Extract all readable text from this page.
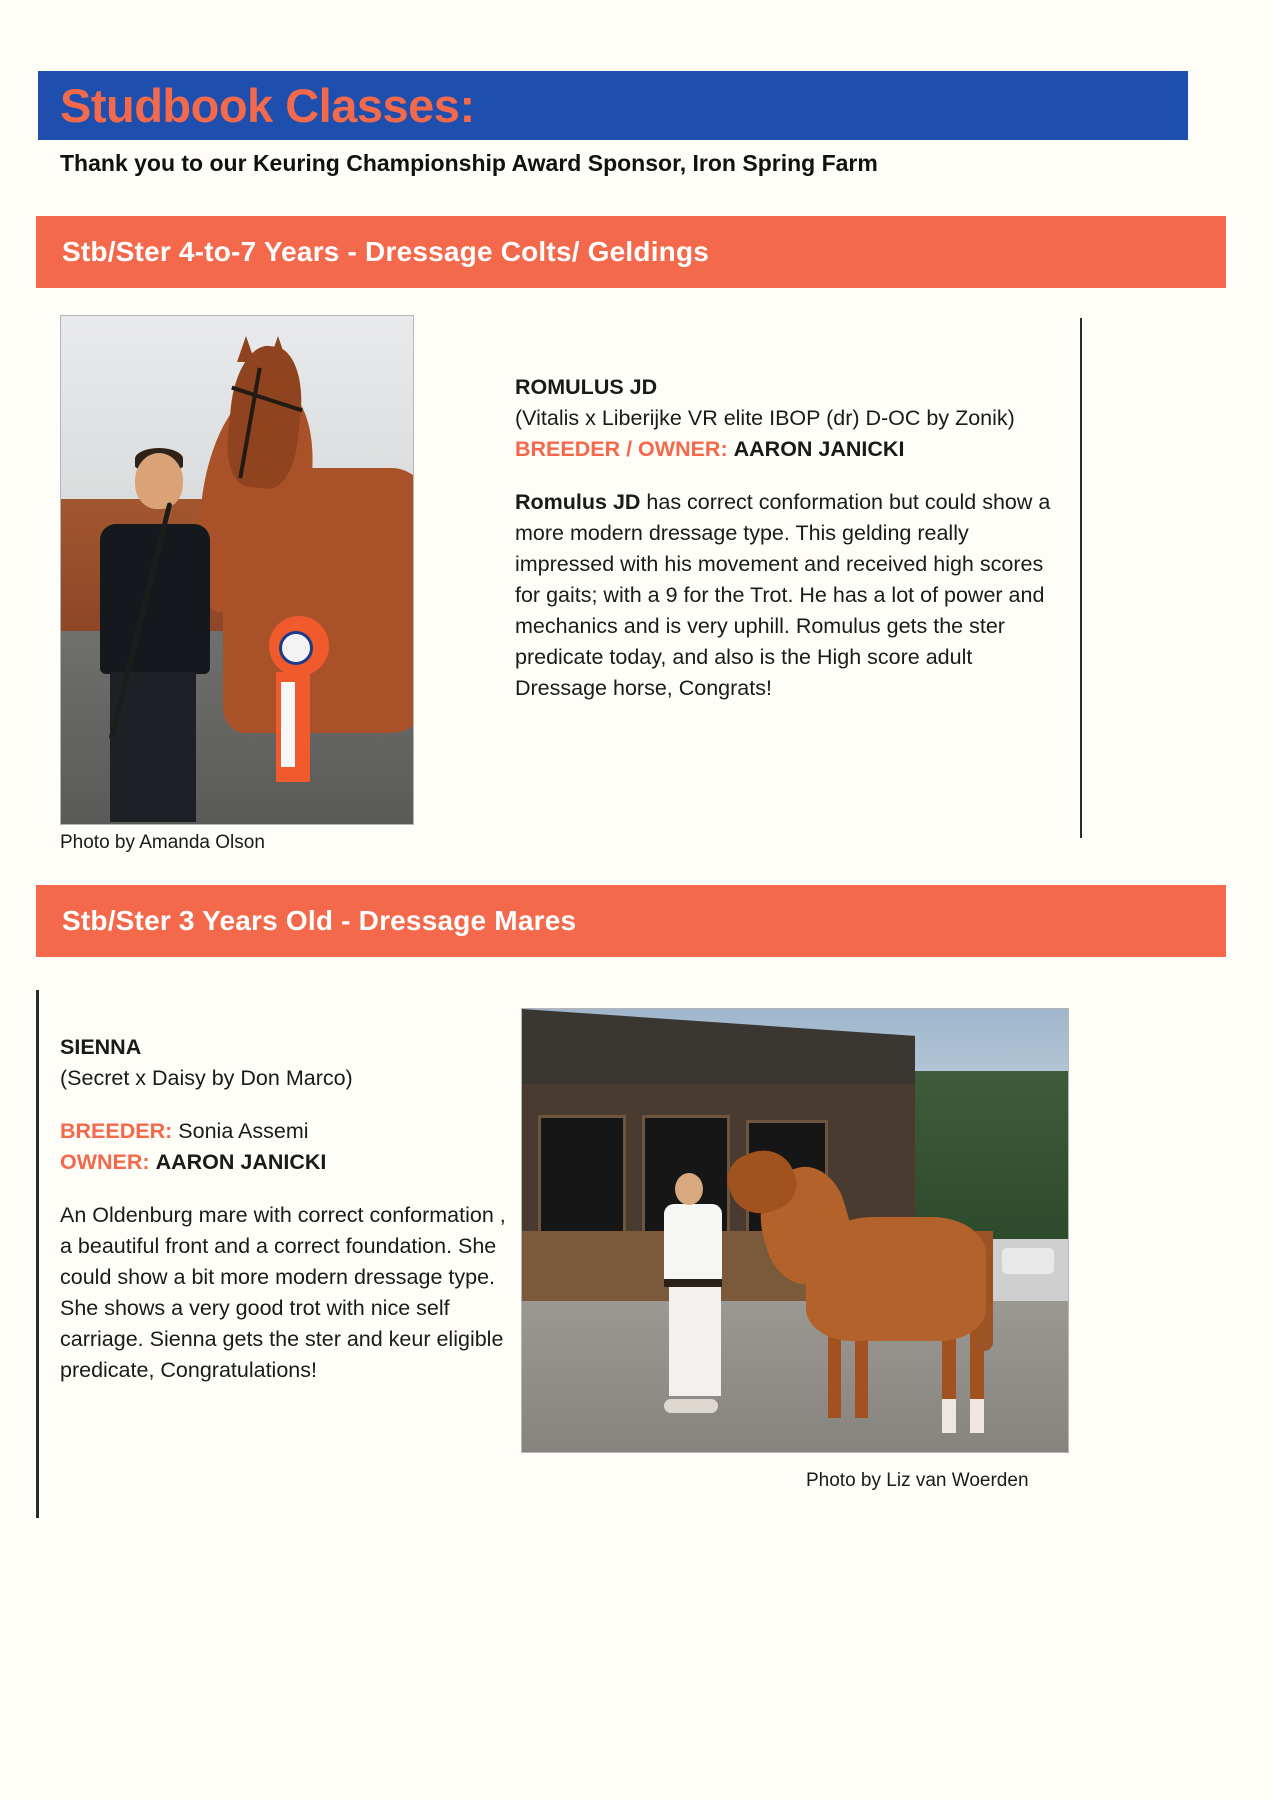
Studbook Classes:
Thank you to our Keuring Championship Award Sponsor, Iron Spring Farm
Stb/Ster 4-to-7 Years - Dressage Colts/ Geldings
Photo by Amanda Olson
ROMULUS JD
(Vitalis x Liberijke VR elite IBOP (dr) D-OC by Zonik)
BREEDER / OWNER: AARON JANICKI
Romulus JD has correct conformation but could show a more modern dressage type. This gelding really impressed with his movement and received high scores for gaits; with a 9 for the Trot. He has a lot of power and mechanics and is very uphill. Romulus gets the ster predicate today, and also is the High score adult Dressage horse, Congrats!
Stb/Ster 3 Years Old - Dressage Mares
SIENNA
(Secret x Daisy by Don Marco)
BREEDER: Sonia Assemi
OWNER: AARON JANICKI
An Oldenburg mare with correct conformation , a beautiful front and a correct foundation. She could show a bit more modern dressage type. She shows a very good trot with nice self carriage. Sienna gets the ster and keur eligible predicate, Congratulations!
Photo by Liz van Woerden
